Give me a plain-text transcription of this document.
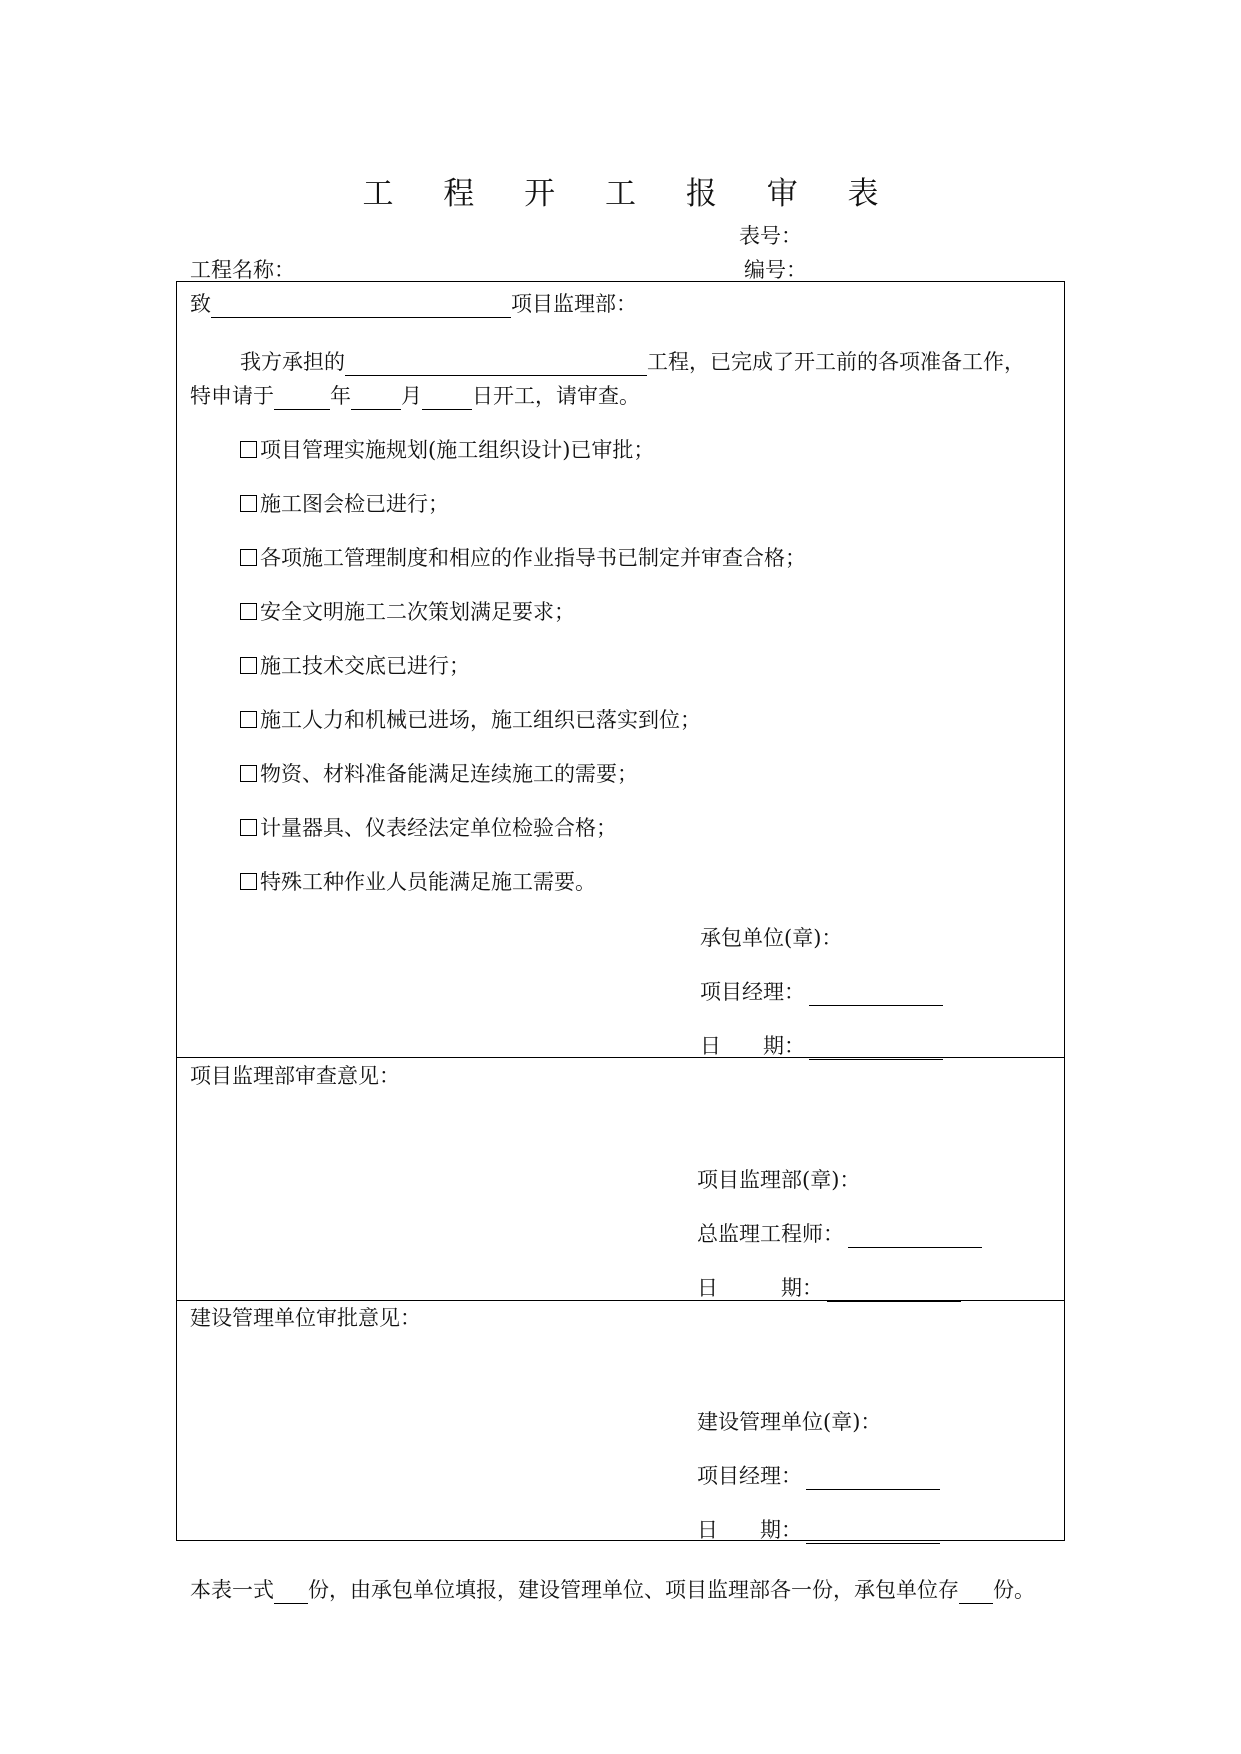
工 程 开 工 报 审 表
表号：
编号：
工程名称：
致	项目监理部：
我方承担的	工程，已完成了开工前的各项准备工作，
特申请于	年 月 日开工，请审查。
项目管理实施规划(施工组织设计)已审批；
施工图会检已进行；
各项施工管理制度和相应的作业指导书已制定并审查合格；
安全文明施工二次策划满足要求；
施工技术交底已进行；
施工人力和机械已进场，施工组织已落实到位；
物资、材料准备能满足连续施工的需要；
计量器具、仪表经法定单位检验合格；
特殊工种作业人员能满足施工需要。
承包单位(章)：
项目经理：
日　　期：
项目监理部审查意见：
项目监理部(章)：
总监理工程师：
日　　　期：
建设管理单位审批意见：
建设管理单位(章)：
项目经理：
日　　期：
本表一式 份，由承包单位填报，建设管理单位、项目监理部各一份，承包单位存 份。
